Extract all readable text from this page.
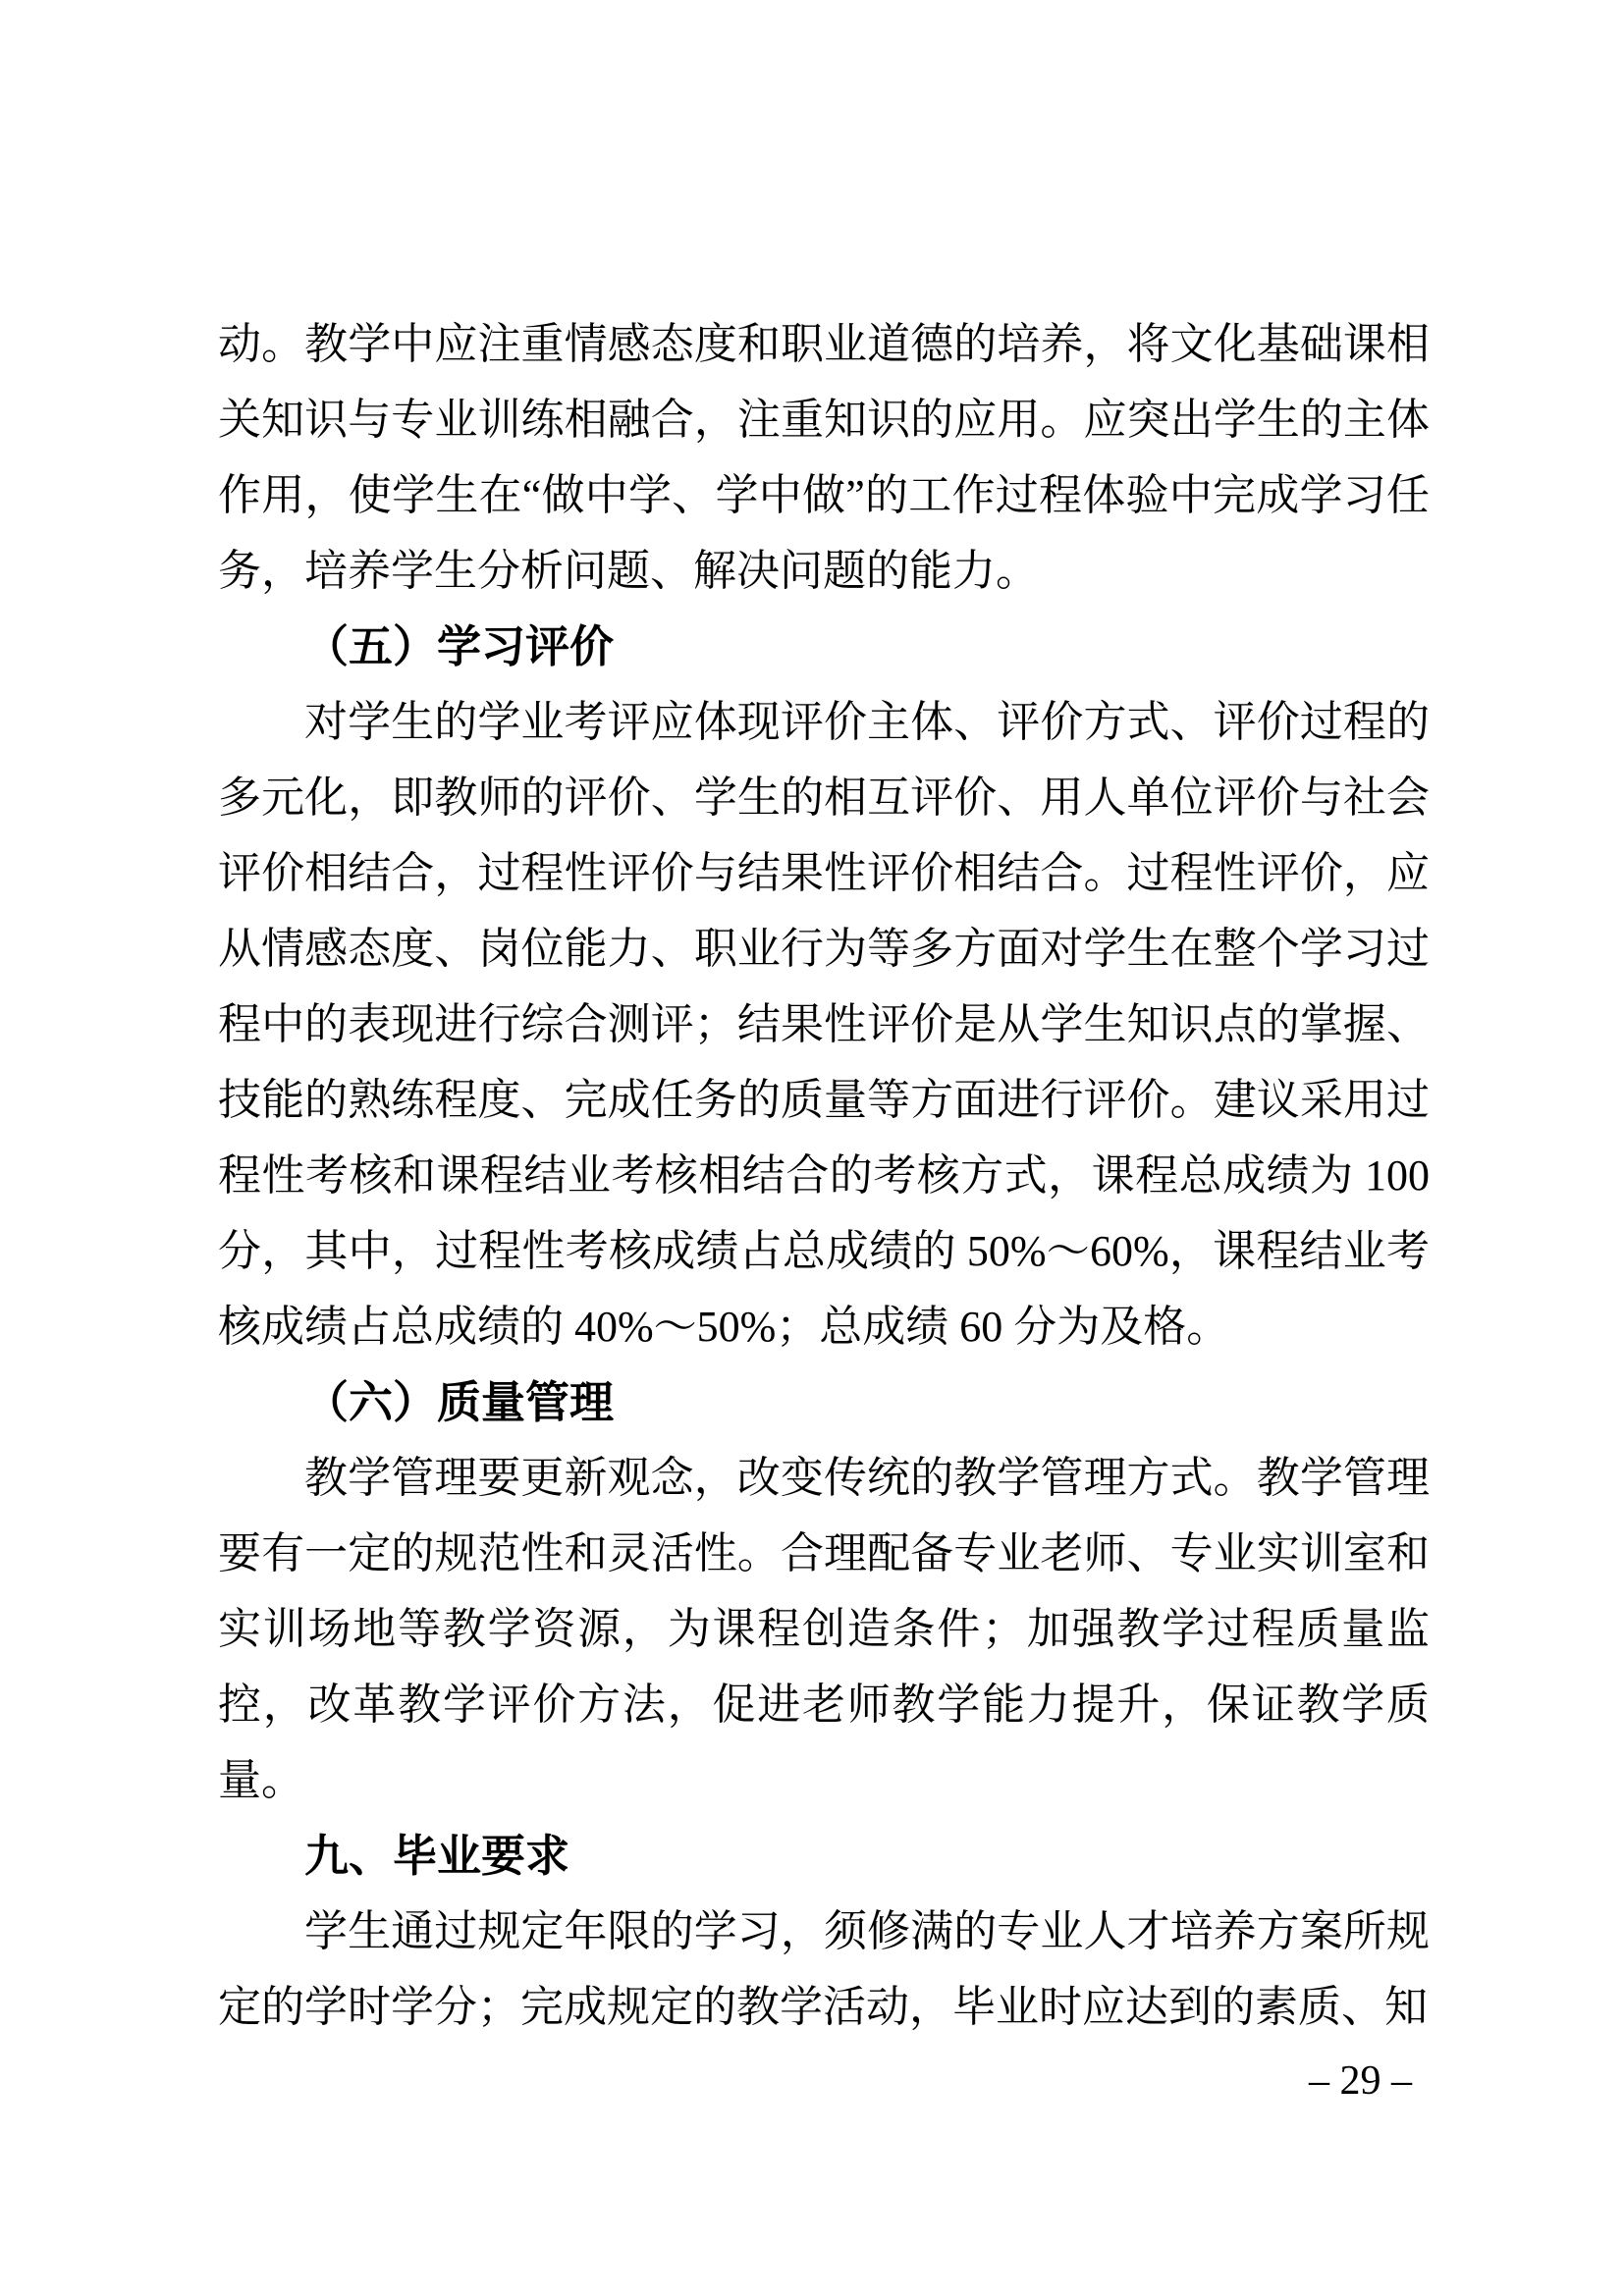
动。教学中应注重情感态度和职业道德的培养，将文化基础课相关知识与专业训练相融合，注重知识的应用。应突出学生的主体作用，使学生在“做中学、学中做”的工作过程体验中完成学习任务，培养学生分析问题、解决问题的能力。

（五）学习评价

对学生的学业考评应体现评价主体、评价方式、评价过程的多元化，即教师的评价、学生的相互评价、用人单位评价与社会评价相结合，过程性评价与结果性评价相结合。过程性评价，应从情感态度、岗位能力、职业行为等多方面对学生在整个学习过程中的表现进行综合测评；结果性评价是从学生知识点的掌握、技能的熟练程度、完成任务的质量等方面进行评价。建议采用过程性考核和课程结业考核相结合的考核方式，课程总成绩为 100 分，其中，过程性考核成绩占总成绩的 50%～60%，课程结业考核成绩占总成绩的 40%～50%；总成绩 60 分为及格。

（六）质量管理

教学管理要更新观念，改变传统的教学管理方式。教学管理要有一定的规范性和灵活性。合理配备专业老师、专业实训室和实训场地等教学资源，为课程创造条件；加强教学过程质量监控，改革教学评价方法，促进老师教学能力提升，保证教学质量。

九、毕业要求

学生通过规定年限的学习，须修满的专业人才培养方案所规定的学时学分；完成规定的教学活动，毕业时应达到的素质、知

– 29 –
